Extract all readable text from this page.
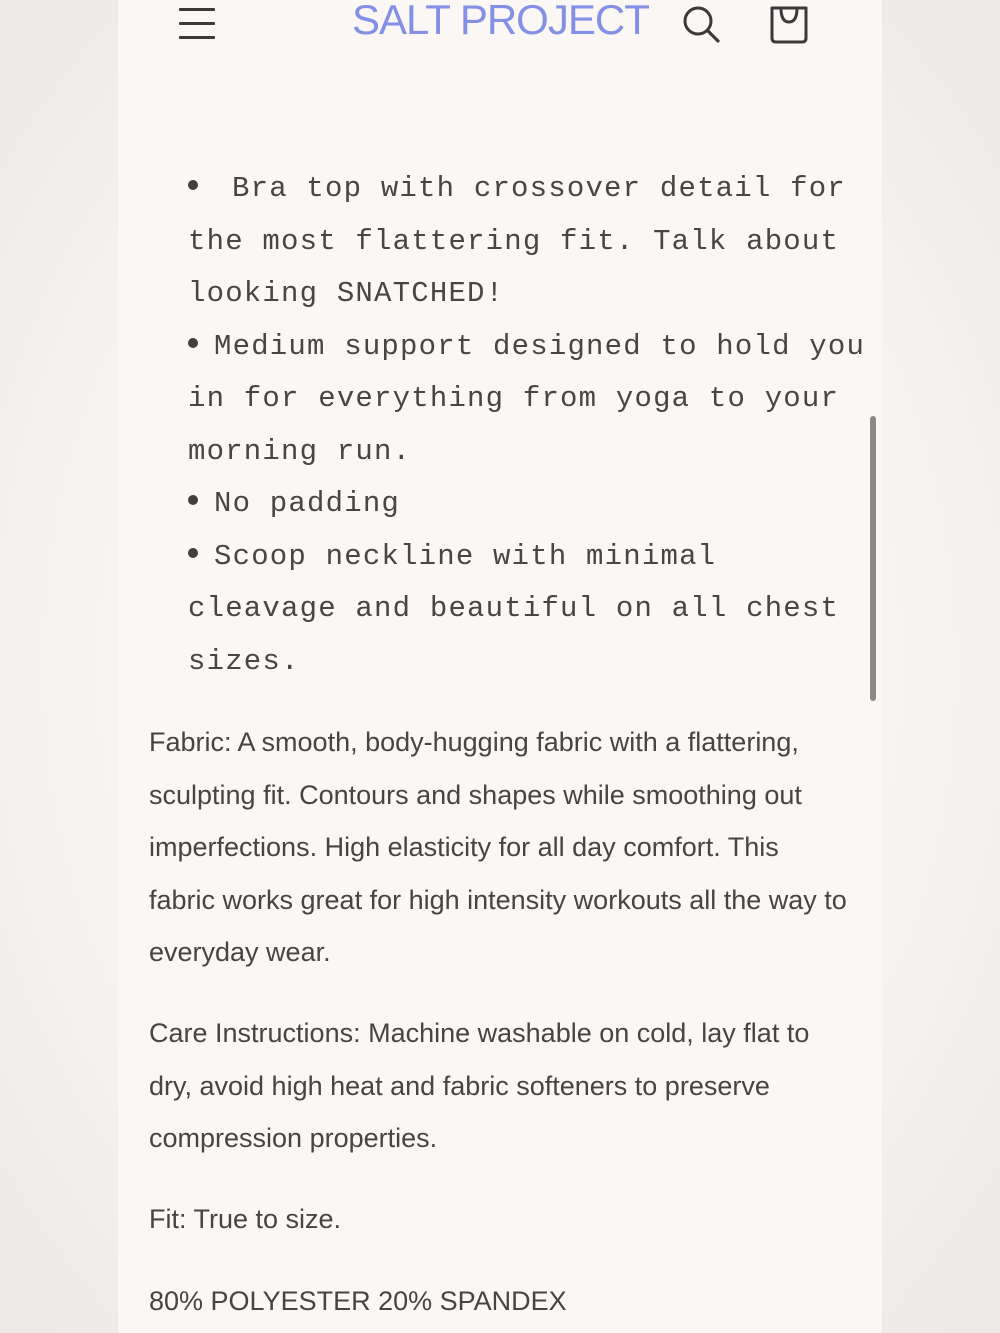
SALT PROJECT
Bra top with crossover detail for the most flattering fit. Talk about looking SNATCHED!
Medium support designed to hold you in for everything from yoga to your morning run.
No padding
Scoop neckline with minimal cleavage and beautiful on all chest sizes.

Fabric: A smooth, body-hugging fabric with a flattering, sculpting fit. Contours and shapes while smoothing out imperfections. High elasticity for all day comfort. This fabric works great for high intensity workouts all the way to everyday wear.

Care Instructions: Machine washable on cold, lay flat to dry, avoid high heat and fabric softeners to preserve compression properties.

Fit: True to size.

80% POLYESTER 20% SPANDEX
